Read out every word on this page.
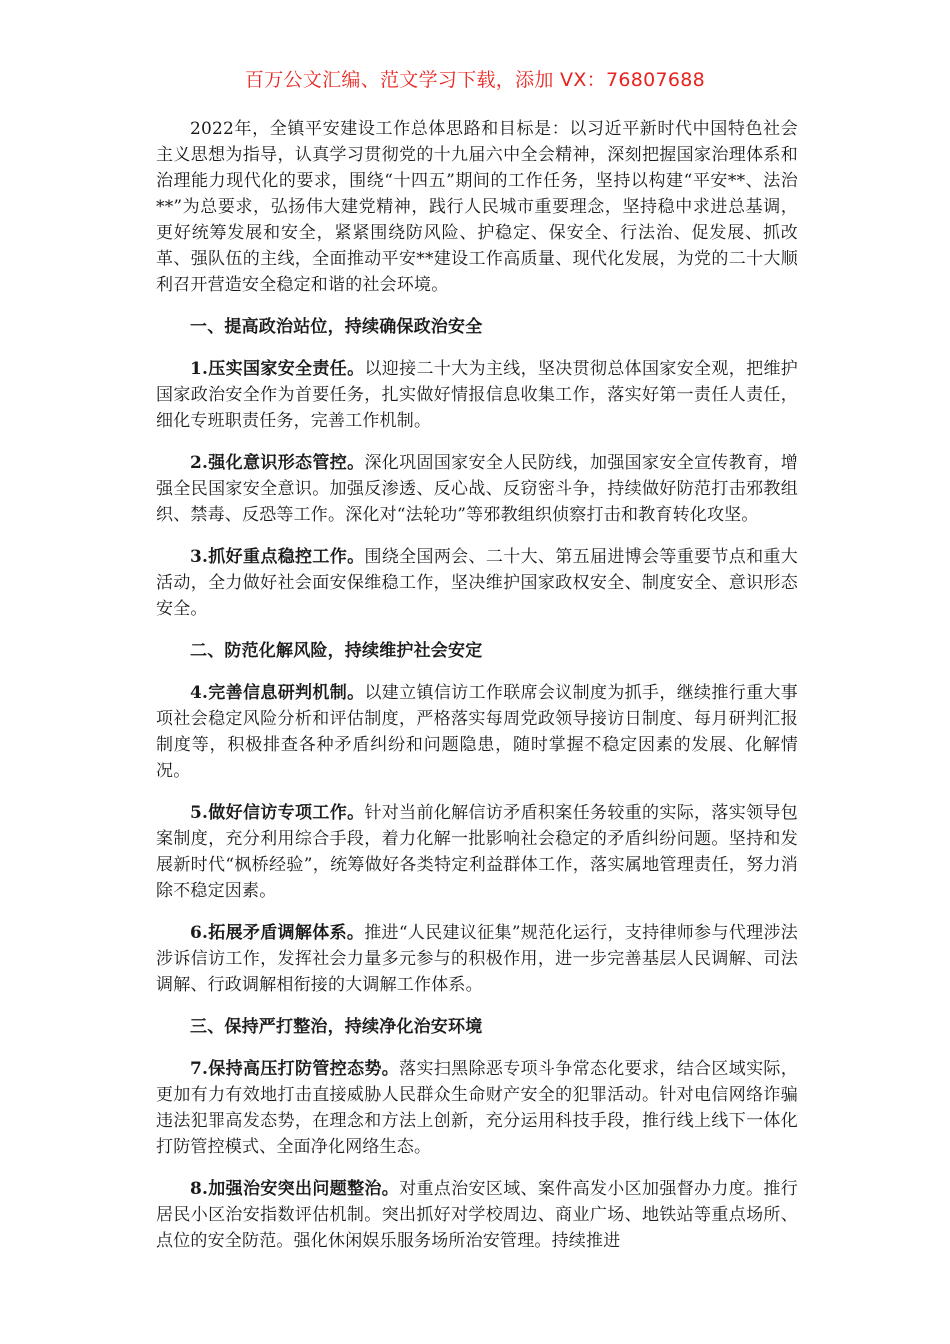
百万公文汇编、范文学习下载，添加 VX：76807688

2022年，全镇平安建设工作总体思路和目标是：以习近平新时代中国特色社会主义思想为指导，认真学习贯彻党的十九届六中全会精神，深刻把握国家治理体系和治理能力现代化的要求，围绕“十四五”期间的工作任务，坚持以构建“平安**、法治**”为总要求，弘扬伟大建党精神，践行人民城市重要理念，坚持稳中求进总基调，更好统筹发展和安全，紧紧围绕防风险、护稳定、保安全、行法治、促发展、抓改革、强队伍的主线，全面推动平安**建设工作高质量、现代化发展，为党的二十大顺利召开营造安全稳定和谐的社会环境。

一、提高政治站位，持续确保政治安全

1.压实国家安全责任。以迎接二十大为主线，坚决贯彻总体国家安全观，把维护国家政治安全作为首要任务，扎实做好情报信息收集工作，落实好第一责任人责任，细化专班职责任务，完善工作机制。

2.强化意识形态管控。深化巩固国家安全人民防线，加强国家安全宣传教育，增强全民国家安全意识。加强反渗透、反心战、反窃密斗争，持续做好防范打击邪教组织、禁毒、反恐等工作。深化对“法轮功”等邪教组织侦察打击和教育转化攻坚。

3.抓好重点稳控工作。围绕全国两会、二十大、第五届进博会等重要节点和重大活动，全力做好社会面安保维稳工作，坚决维护国家政权安全、制度安全、意识形态安全。

二、防范化解风险，持续维护社会安定

4.完善信息研判机制。以建立镇信访工作联席会议制度为抓手，继续推行重大事项社会稳定风险分析和评估制度，严格落实每周党政领导接访日制度、每月研判汇报制度等，积极排查各种矛盾纠纷和问题隐患，随时掌握不稳定因素的发展、化解情况。

5.做好信访专项工作。针对当前化解信访矛盾积案任务较重的实际，落实领导包案制度，充分利用综合手段，着力化解一批影响社会稳定的矛盾纠纷问题。坚持和发展新时代“枫桥经验”，统筹做好各类特定利益群体工作，落实属地管理责任，努力消除不稳定因素。

6.拓展矛盾调解体系。推进“人民建议征集”规范化运行，支持律师参与代理涉法涉诉信访工作，发挥社会力量多元参与的积极作用，进一步完善基层人民调解、司法调解、行政调解相衔接的大调解工作体系。

三、保持严打整治，持续净化治安环境

7.保持高压打防管控态势。落实扫黑除恶专项斗争常态化要求，结合区域实际，更加有力有效地打击直接威胁人民群众生命财产安全的犯罪活动。针对电信网络诈骗违法犯罪高发态势，在理念和方法上创新，充分运用科技手段，推行线上线下一体化打防管控模式、全面净化网络生态。

8.加强治安突出问题整治。对重点治安区域、案件高发小区加强督办力度。推行居民小区治安指数评估机制。突出抓好对学校周边、商业广场、地铁站等重点场所、点位的安全防范。强化休闲娱乐服务场所治安管理。持续推进
